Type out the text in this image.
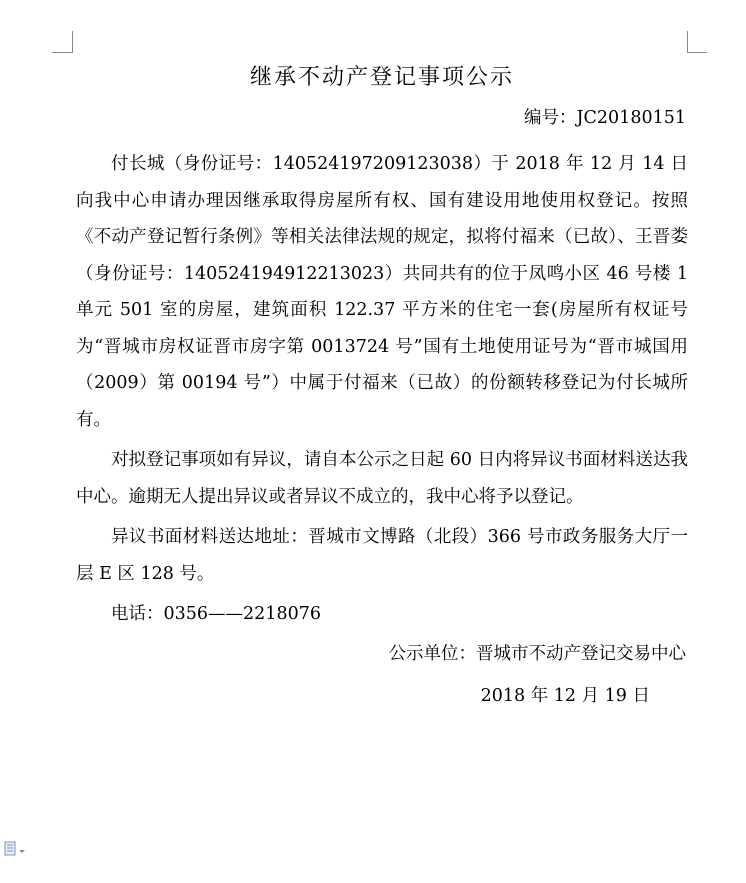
继承不动产登记事项公示
编号：JC20180151

付长城（身份证号：140524197209123038）于 2018 年 12 月 14 日向我中心申请办理因继承取得房屋所有权、国有建设用地使用权登记。按照《不动产登记暂行条例》等相关法律法规的规定，拟将付福来（已故）、王晋娄（身份证号：140524194912213023）共同共有的位于凤鸣小区 46 号楼 1 单元 501 室的房屋，建筑面积 122.37 平方米的住宅一套(房屋所有权证号为“晋城市房权证晋市房字第 0013724 号”国有土地使用证号为“晋市城国用（2009）第 00194 号”）中属于付福来（已故）的份额转移登记为付长城所有。

对拟登记事项如有异议，请自本公示之日起 60 日内将异议书面材料送达我中心。逾期无人提出异议或者异议不成立的，我中心将予以登记。

异议书面材料送达地址：晋城市文博路（北段）366 号市政务服务大厅一层 E 区 128 号。

电话：0356——2218076

公示单位：晋城市不动产登记交易中心
2018 年 12 月 19 日
